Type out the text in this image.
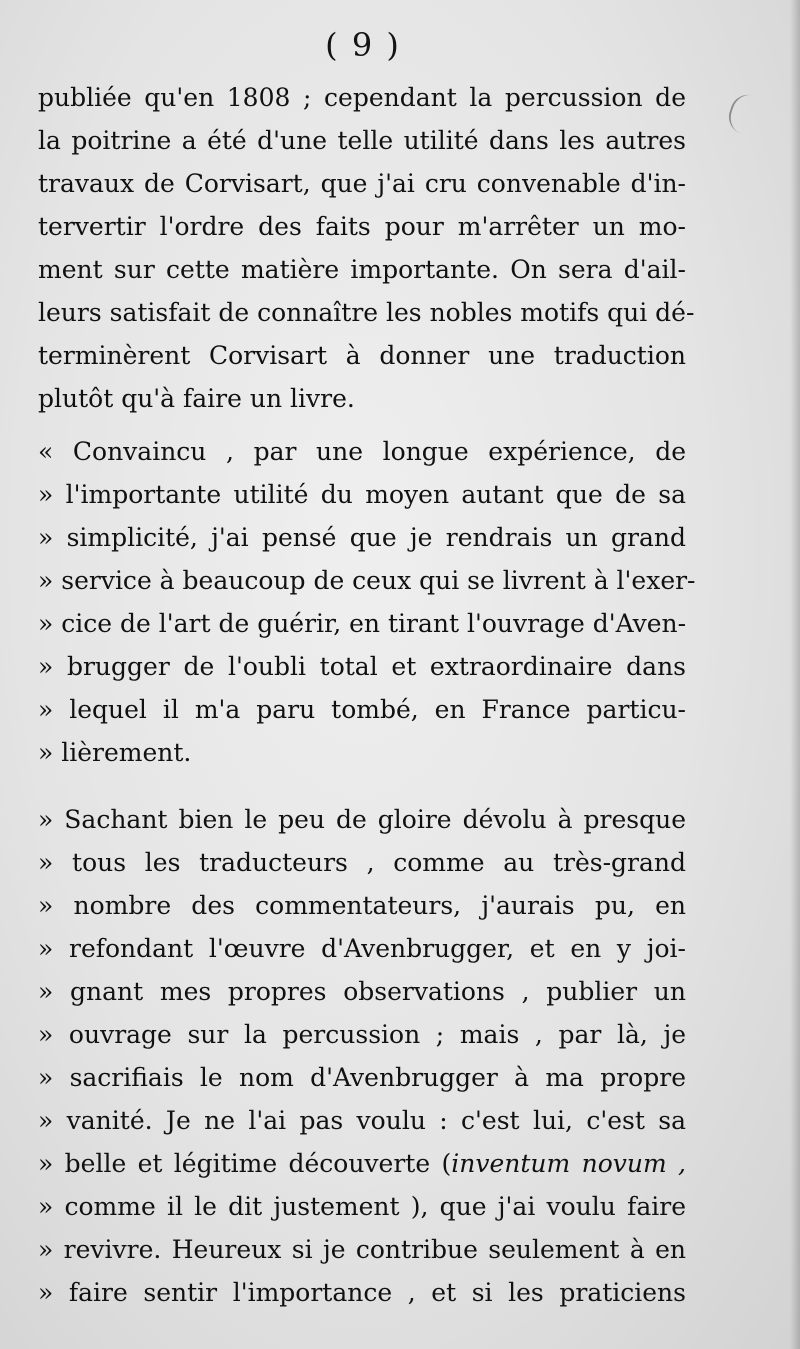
( 9 )
publiée qu'en 1808 ; cependant la percussion de
la poitrine a été d'une telle utilité dans les autres
travaux de Corvisart, que j'ai cru convenable d'in-
tervertir l'ordre des faits pour m'arrêter un mo-
ment sur cette matière importante. On sera d'ail-
leurs satisfait de connaître les nobles motifs qui dé-
terminèrent Corvisart à donner une traduction
plutôt qu'à faire un livre.
« Convaincu , par une longue expérience, de
» l'importante utilité du moyen autant que de sa
» simplicité, j'ai pensé que je rendrais un grand
» service à beaucoup de ceux qui se livrent à l'exer-
» cice de l'art de guérir, en tirant l'ouvrage d'Aven-
» brugger de l'oubli total et extraordinaire dans
» lequel il m'a paru tombé, en France particu-
» lièrement.
» Sachant bien le peu de gloire dévolu à presque
» tous les traducteurs , comme au très-grand
» nombre des commentateurs, j'aurais pu, en
» refondant l'œuvre d'Avenbrugger, et en y joi-
» gnant mes propres observations , publier un
» ouvrage sur la percussion ; mais , par là, je
» sacrifiais le nom d'Avenbrugger à ma propre
» vanité. Je ne l'ai pas voulu : c'est lui, c'est sa
» belle et légitime découverte (inventum novum ,
» comme il le dit justement ), que j'ai voulu faire
» revivre. Heureux si je contribue seulement à en
» faire sentir l'importance , et si les praticiens
